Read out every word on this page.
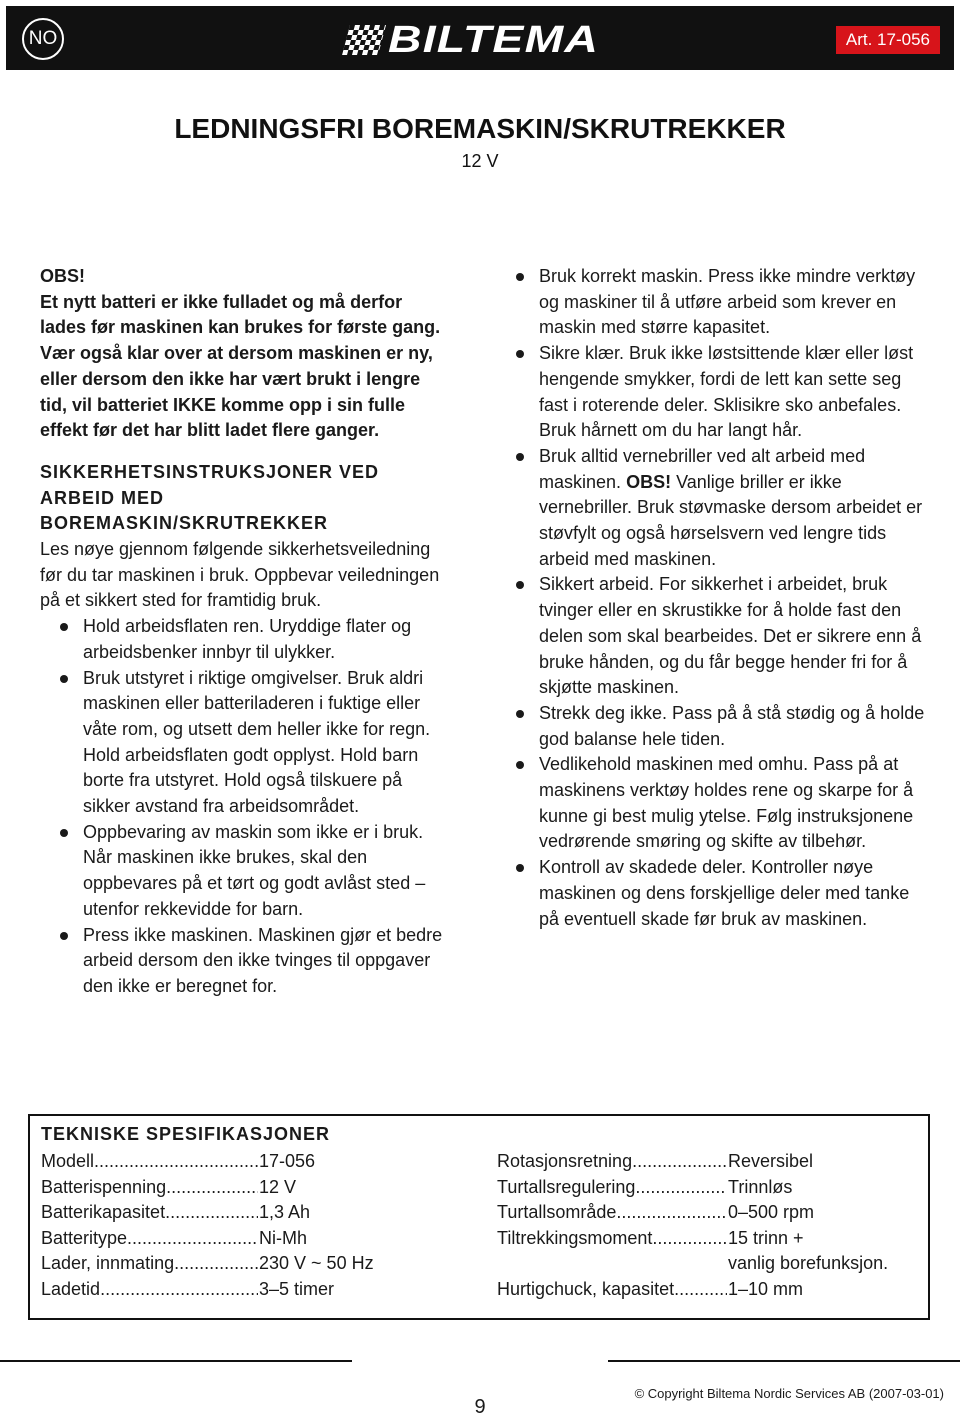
NO	BILTEMA	Art. 17-056
LEDNINGSFRI BOREMASKIN/SKRUTREKKER
12 V
OBS!
Et nytt batteri er ikke fulladet og må derfor lades før maskinen kan brukes for første gang. Vær også klar over at dersom maskinen er ny, eller dersom den ikke har vært brukt i lengre tid, vil batteriet IKKE komme opp i sin fulle effekt før det har blitt ladet flere ganger.
SIKKERHETSINSTRUKSJONER VED ARBEID MED BOREMASKIN/SKRUTREKKER
Les nøye gjennom følgende sikkerhetsveiledning før du tar maskinen i bruk. Oppbevar veiledningen på et sikkert sted for framtidig bruk.
Hold arbeidsflaten ren. Uryddige flater og arbeidsbenker innbyr til ulykker.
Bruk utstyret i riktige omgivelser. Bruk aldri maskinen eller batteriladeren i fuktige eller våte rom, og utsett dem heller ikke for regn. Hold arbeidsflaten godt opplyst. Hold barn borte fra utstyret. Hold også tilskuere på sikker avstand fra arbeidsområdet.
Oppbevaring av maskin som ikke er i bruk. Når maskinen ikke brukes, skal den oppbevares på et tørt og godt avlåst sted – utenfor rekkevidde for barn.
Press ikke maskinen. Maskinen gjør et bedre arbeid dersom den ikke tvinges til oppgaver den ikke er beregnet for.
Bruk korrekt maskin. Press ikke mindre verktøy og maskiner til å utføre arbeid som krever en maskin med større kapasitet.
Sikre klær. Bruk ikke løstsittende klær eller løst hengende smykker, fordi de lett kan sette seg fast i roterende deler. Sklisikre sko anbefales. Bruk hårnett om du har langt hår.
Bruk alltid vernebriller ved alt arbeid med maskinen. OBS! Vanlige briller er ikke vernebriller. Bruk støvmaske dersom arbeidet er støvfylt og også hørselsvern ved lengre tids arbeid med maskinen.
Sikkert arbeid. For sikkerhet i arbeidet, bruk tvinger eller en skrustikke for å holde fast den delen som skal bearbeides. Det er sikrere enn å bruke hånden, og du får begge hender fri for å skjøtte maskinen.
Strekk deg ikke. Pass på å stå stødig og å holde god balanse hele tiden.
Vedlikehold maskinen med omhu. Pass på at maskinens verktøy holdes rene og skarpe for å kunne gi best mulig ytelse. Følg instruksjonene vedrørende smøring og skifte av tilbehør.
Kontroll av skadede deler. Kontroller nøye maskinen og dens forskjellige deler med tanke på eventuell skade før bruk av maskinen.
TEKNISKE SPESIFIKASJONER
Modell .....	17-056
Batterispenning .....	12 V
Batterikapasitet .....	1,3 Ah
Batteritype .....	Ni-Mh
Lader, innmating .....	230 V ~ 50 Hz
Ladetid .....	3–5 timer
Rotasjonsretning .....	Reversibel
Turtallsregulering .....	Trinnløs
Turtallsområde .....	0–500 rpm
Tiltrekkingsmoment .....	15 trinn +
vanlig borefunksjon.
Hurtigchuck, kapasitet .....	1–10 mm
9
© Copyright Biltema Nordic Services AB (2007-03-01)
